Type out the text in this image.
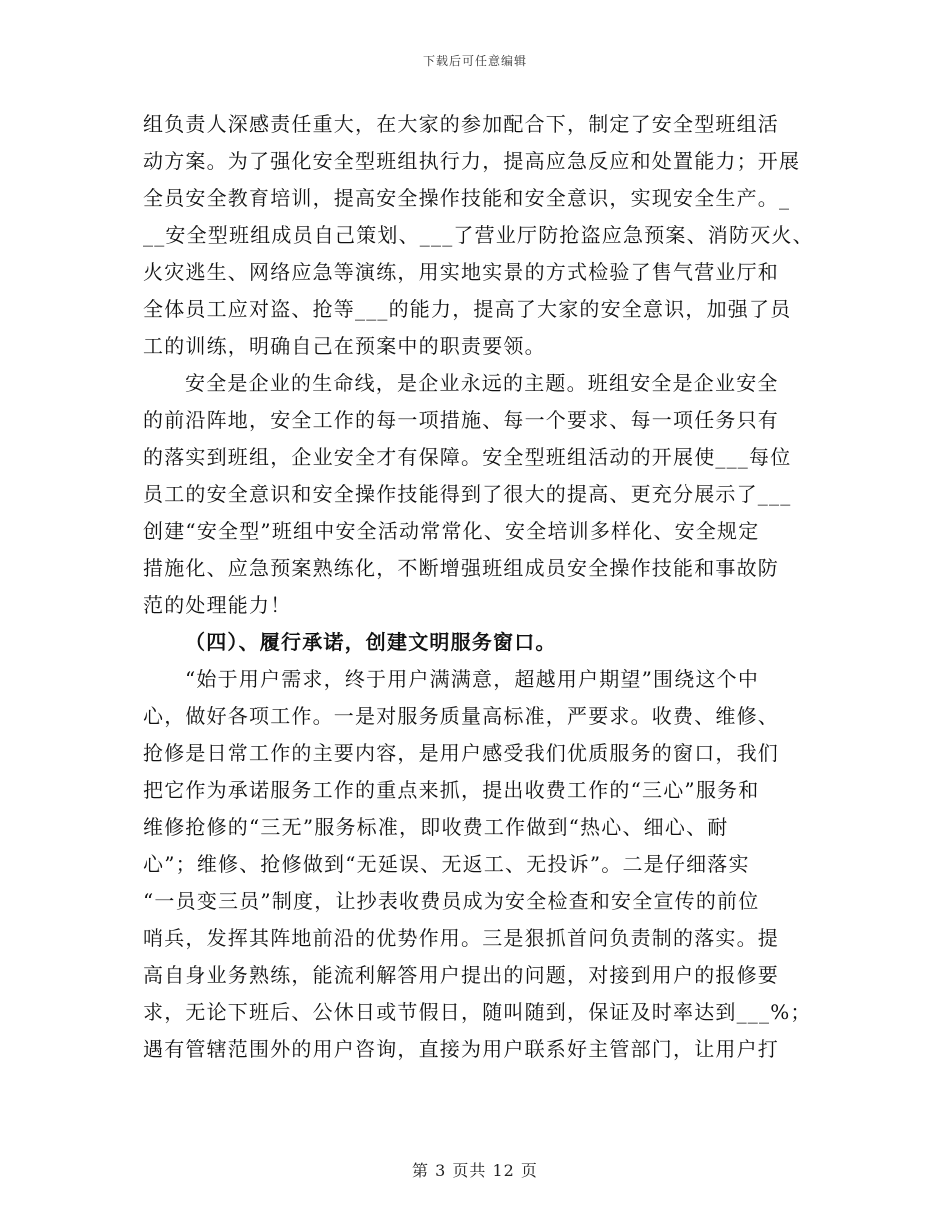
下载后可任意编辑
组负责人深感责任重大，在大家的参加配合下，制定了安全型班组活
动方案。为了强化安全型班组执行力，提高应急反应和处置能力；开展
全员安全教育培训，提高安全操作技能和安全意识，实现安全生产。_
__安全型班组成员自己策划、___了营业厅防抢盗应急预案、消防灭火、
火灾逃生、网络应急等演练，用实地实景的方式检验了售气营业厅和
全体员工应对盗、抢等___的能力，提高了大家的安全意识，加强了员
工的训练，明确自己在预案中的职责要领。
安全是企业的生命线，是企业永远的主题。班组安全是企业安全
的前沿阵地，安全工作的每一项措施、每一个要求、每一项任务只有
的落实到班组，企业安全才有保障。安全型班组活动的开展使___每位
员工的安全意识和安全操作技能得到了很大的提高、更充分展示了___
创建“安全型”班组中安全活动常常化、安全培训多样化、安全规定
措施化、应急预案熟练化，不断增强班组成员安全操作技能和事故防
范的处理能力！
（四）、履行承诺，创建文明服务窗口。
“始于用户需求，终于用户满满意，超越用户期望”围绕这个中
心，做好各项工作。一是对服务质量高标准，严要求。收费、维修、
抢修是日常工作的主要内容，是用户感受我们优质服务的窗口，我们
把它作为承诺服务工作的重点来抓，提出收费工作的“三心”服务和
维修抢修的“三无”服务标准，即收费工作做到“热心、细心、耐
心”；维修、抢修做到“无延误、无返工、无投诉”。二是仔细落实
“一员变三员”制度，让抄表收费员成为安全检查和安全宣传的前位
哨兵，发挥其阵地前沿的优势作用。三是狠抓首问负责制的落实。提
高自身业务熟练，能流利解答用户提出的问题，对接到用户的报修要
求，无论下班后、公休日或节假日，随叫随到，保证及时率达到___%；
遇有管辖范围外的用户咨询，直接为用户联系好主管部门，让用户打
第 3 页共 12 页
